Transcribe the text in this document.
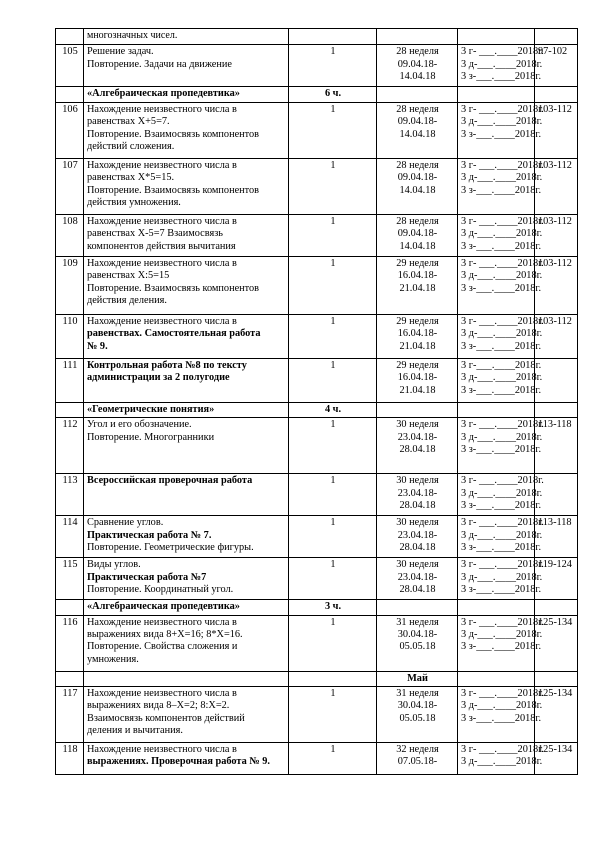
	многозначных чисел.				

105	Решение задач.
Повторение. Задачи на движение	1	28 неделя
09.04.18-
14.04.18	3 г- ___.____2018г.
3 д-___.____2018г.
3 з-___.____2018г.	97-102
	«Алгебраическая пропедевтика»	6 ч.			
106	Нахождение неизвестного числа в
равенствах Х+5=7.
Повторение. Взаимосвязь компонентов
действий сложения.	1	28 неделя
09.04.18-
14.04.18	3 г- ___.____2018г.
3 д-___.____2018г.
3 з-___.____2018г.	103-112
107	Нахождение неизвестного числа в
равенствах Х*5=15.
Повторение. Взаимосвязь компонентов
действия умножения.	1	28 неделя
09.04.18-
14.04.18	3 г- ___.____2018г.
3 д-___.____2018г.
3 з-___.____2018г.	103-112
108	Нахождение неизвестного числа в
равенствах Х-5=7 Взаимосвязь
компонентов действия вычитания	1	28 неделя
09.04.18-
14.04.18	3 г- ___.____2018г.
3 д-___.____2018г.
3 з-___.____2018г.	103-112
109	Нахождение неизвестного числа в
равенствах Х:5=15
Повторение. Взаимосвязь компонентов
действия деления.	1	29 неделя
16.04.18-
21.04.18	3 г- ___.____2018г.
3 д-___.____2018г.
3 з-___.____2018г.	103-112
110	Нахождение неизвестного числа в
равенствах. Самостоятельная работа
№ 9.	1	29 неделя
16.04.18-
21.04.18	3 г- ___.____2018г.
3 д-___.____2018г.
3 з-___.____2018г.	103-112
111	Контрольная работа №8 по тексту
администрации за 2 полугодие	1	29 неделя
16.04.18-
21.04.18	3 г-___.____2018г.
3 д-___.____2018г.
3 з-___.____2018г.	

	«Геометрические понятия»	4 ч.			
112	Угол и его обозначение.
Повторение. Многогранники	1	30 неделя
23.04.18-
28.04.18	3 г- ___.____2018г.
3 д-___.____2018г.
3 з-___.____2018г.	113-118
113	Всероссийская проверочная работа	1	30 неделя
23.04.18-
28.04.18	3 г- ___.____2018г.
3 д-___.____2018г.
3 з-___.____2018г.	

114	Сравнение углов.
Практическая работа № 7.
Повторение. Геометрические фигуры.	1	30 неделя
23.04.18-
28.04.18	3 г- ___.____2018г.
3 д-___.____2018г.
3 з-___.____2018г.	113-118
115	Виды углов.
Практическая работа №7
Повторение. Координатный угол.	1	30 неделя
23.04.18-
28.04.18	3 г- ___.____2018г.
3 д-___.____2018г.
3 з-___.____2018г.	119-124
	«Алгебраическая пропедевтика»	3 ч.			
116	Нахождение неизвестного числа в
выражениях вида 8+Х=16; 8*Х=16.
Повторение. Свойства сложения и
умножения.	1	31 неделя
30.04.18-
05.05.18	3 г- ___.____2018г.
3 д-___.____2018г.
3 з-___.____2018г.	125-134
			Май		
117	Нахождение неизвестного числа в
выражениях вида 8–Х=2; 8:Х=2.
Взаимосвязь компонентов действий
деления и вычитания.	1	31 неделя
30.04.18-
05.05.18	3 г- ___.____2018г.
3 д-___.____2018г.
3 з-___.____2018г.	125-134
118	Нахождение неизвестного числа в
выражениях. Проверочная работа № 9.	1	32 неделя
07.05.18-	3 г- ___.____2018г.
3 д-___.____2018г.	125-134
